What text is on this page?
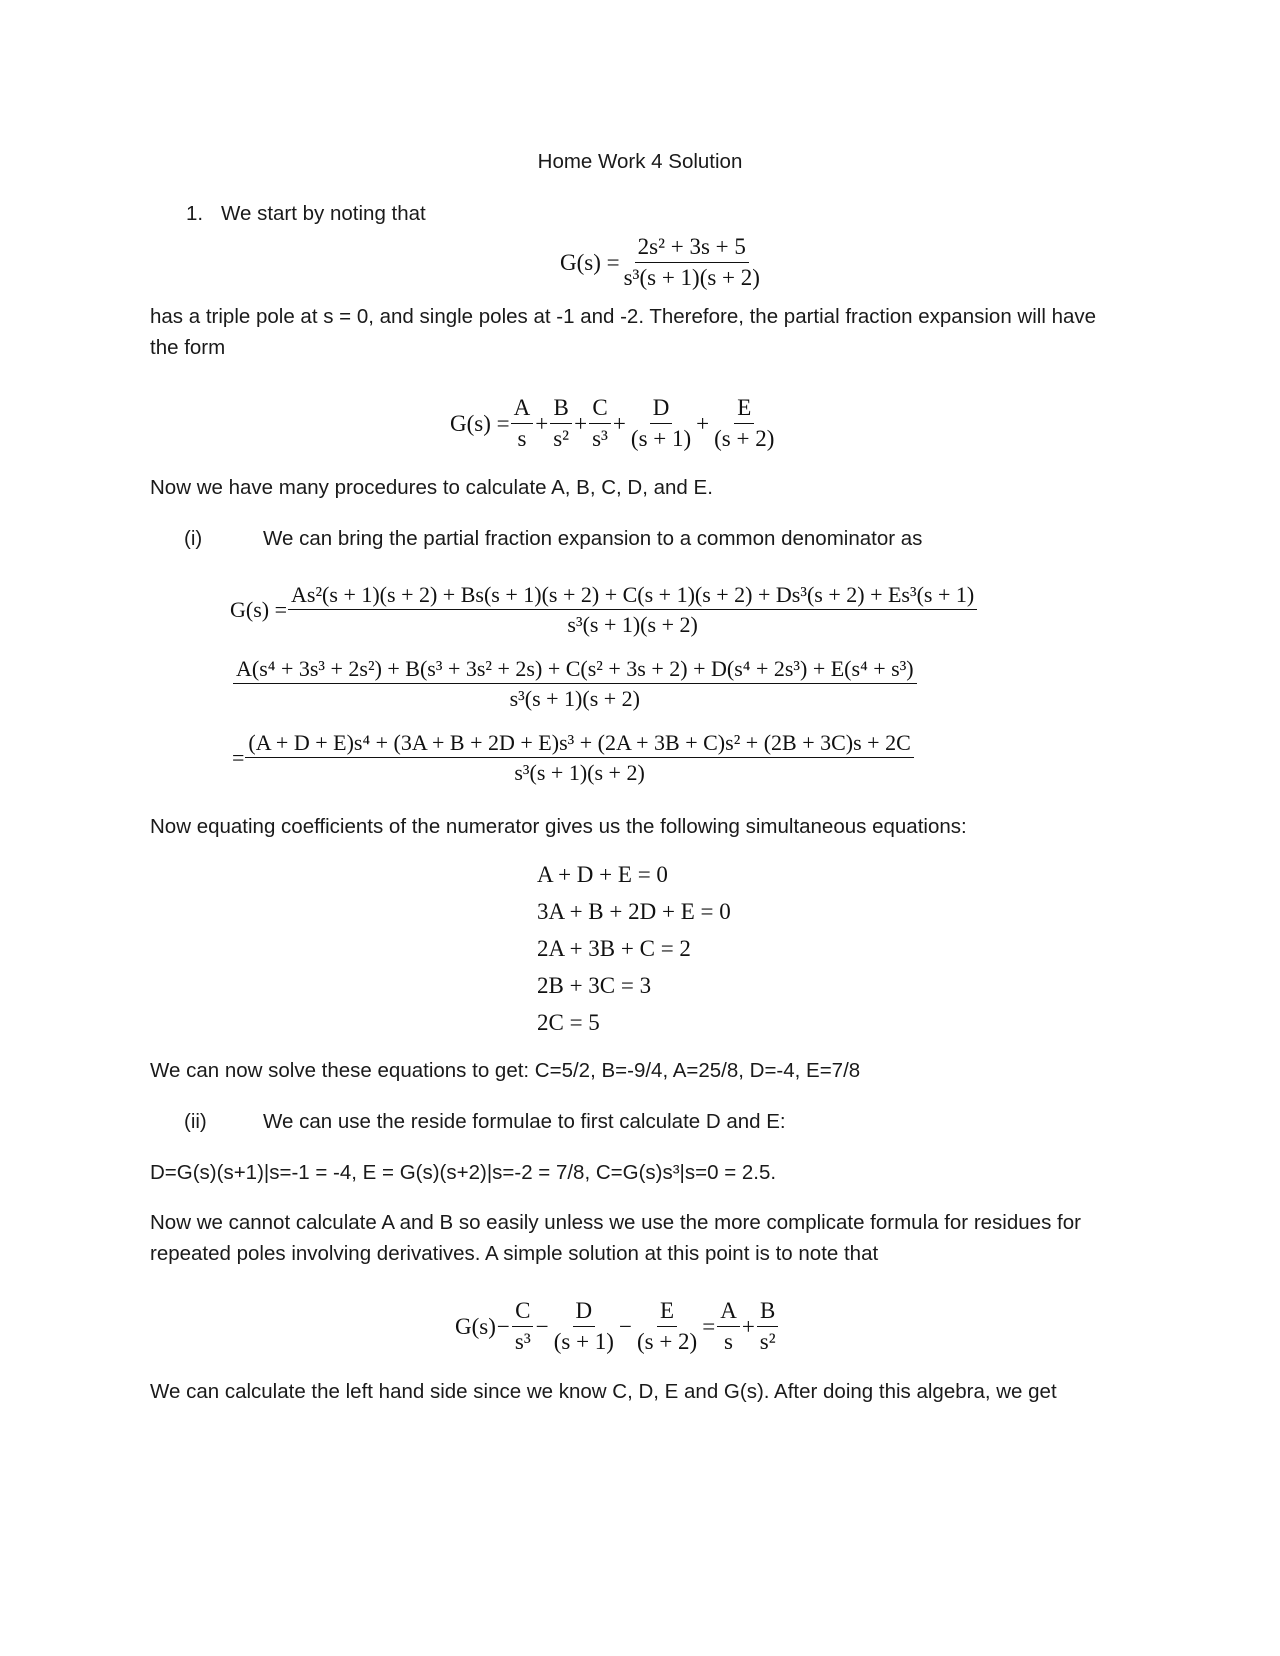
Home Work 4 Solution
1. We start by noting that
$G(s) = \frac{\text{2s² + 3s + 5}}{\text{s³(s + 1)(s + 2)}}$
has a triple pole at s = 0, and single poles at -1 and -2. Therefore, the partial fraction expansion will have
the form
$G(s) = \frac{A}{s} + \frac{B}{\text{s²}} + \frac{C}{\text{s³}} + \frac{D}{(s + 1)} + \frac{E}{(s + 2)}$
Now we have many procedures to calculate A, B, C, D, and E.
(i)	We can bring the partial fraction expansion to a common denominator as
G(s) =
As²(s + 1)(s + 2) + Bs(s + 1)(s + 2) + C(s + 1)(s + 2) + Ds³(s + 2) + Es³(s + 1)
s³(s + 1)(s + 2)
A(s⁴ + 3s³ + 2s²) + B(s³ + 3s² + 2s) + C(s² + 3s + 2) + D(s⁴ + 2s³) + E(s⁴ + s³)
s³(s + 1)(s + 2)
=
(A + D + E)s⁴ + (3A + B + 2D + E)s³ + (2A + 3B + C)s² + (2B + 3C)s + 2C
s³(s + 1)(s + 2)
Now equating coefficients of the numerator gives us the following simultaneous equations:
A + D + E = 0
3A + B + 2D + E = 0
2A + 3B + C = 2
2B + 3C = 3
2C = 5
We can now solve these equations to get: C=5/2, B=-9/4, A=25/8, D=-4, E=7/8
(ii)	We can use the reside formulae to first calculate D and E:
D=G(s)(s+1)|s=-1 = -4, E = G(s)(s+2)|s=-2 = 7/8, C=G(s)s³|s=0 = 2.5.
Now we cannot calculate A and B so easily unless we use the more complicate formula for residues for
repeated poles involving derivatives. A simple solution at this point is to note that
$G(s) - \frac{C}{\text{s³}} - \frac{D}{(s + 1)} - \frac{E}{(s + 2)} = \frac{A}{s} + \frac{B}{\text{s²}}$
We can calculate the left hand side since we know C, D, E and G(s). After doing this algebra, we get
